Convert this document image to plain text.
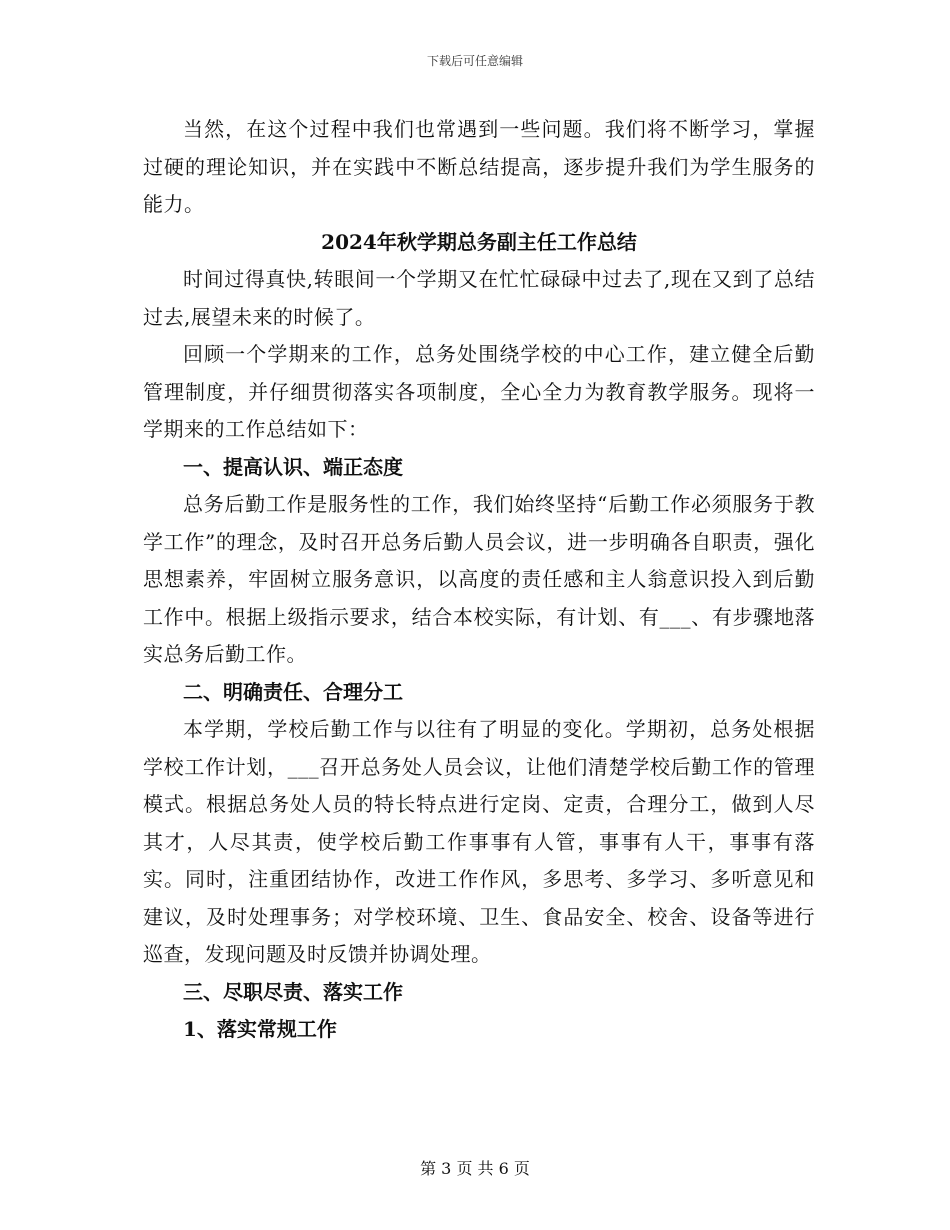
下载后可任意编辑

当然，在这个过程中我们也常遇到一些问题。我们将不断学习，掌握过硬的理论知识，并在实践中不断总结提高，逐步提升我们为学生服务的能力。

2024年秋学期总务副主任工作总结

时间过得真快,转眼间一个学期又在忙忙碌碌中过去了,现在又到了总结过去,展望未来的时候了。

回顾一个学期来的工作，总务处围绕学校的中心工作，建立健全后勤管理制度，并仔细贯彻落实各项制度，全心全力为教育教学服务。现将一学期来的工作总结如下：

一、提高认识、端正态度

总务后勤工作是服务性的工作，我们始终坚持“后勤工作必须服务于教学工作”的理念，及时召开总务后勤人员会议，进一步明确各自职责，强化思想素养，牢固树立服务意识，以高度的责任感和主人翁意识投入到后勤工作中。根据上级指示要求，结合本校实际，有计划、有___、有步骤地落实总务后勤工作。

二、明确责任、合理分工

本学期，学校后勤工作与以往有了明显的变化。学期初，总务处根据学校工作计划，___召开总务处人员会议，让他们清楚学校后勤工作的管理模式。根据总务处人员的特长特点进行定岗、定责，合理分工，做到人尽其才，人尽其责，使学校后勤工作事事有人管，事事有人干，事事有落实。同时，注重团结协作，改进工作作风，多思考、多学习、多听意见和建议，及时处理事务；对学校环境、卫生、食品安全、校舍、设备等进行巡查，发现问题及时反馈并协调处理。

三、尽职尽责、落实工作

1、落实常规工作

第 3 页 共 6 页
